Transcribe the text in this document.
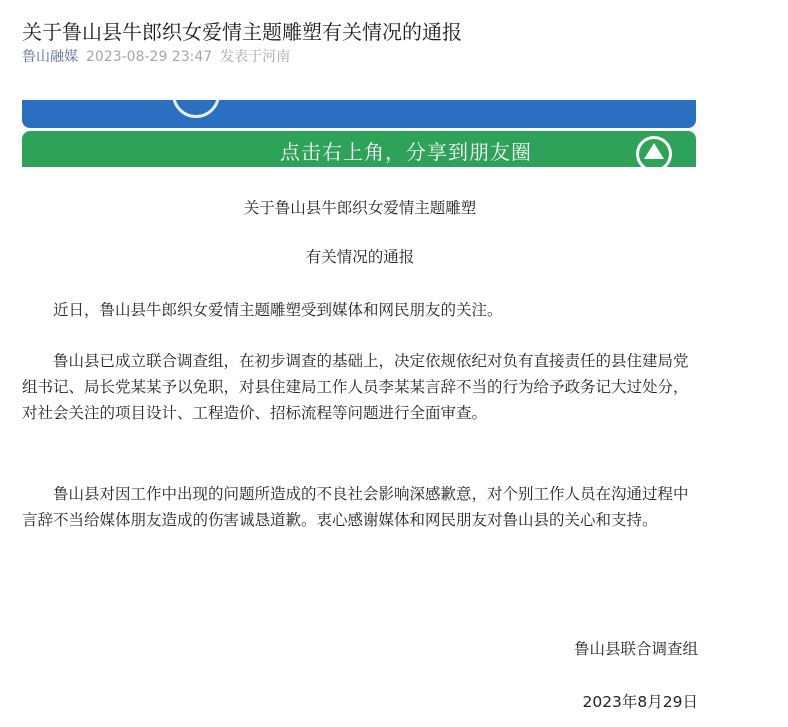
关于鲁山县牛郎织女爱情主题雕塑有关情况的通报
鲁山融媒 2023-08-29 23:47 发表于河南
点击右上角，分享到朋友圈
关于鲁山县牛郎织女爱情主题雕塑
有关情况的通报

近日，鲁山县牛郎织女爱情主题雕塑受到媒体和网民朋友的关注。

鲁山县已成立联合调查组，在初步调查的基础上，决定依规依纪对负有直接责任的县住建局党组书记、局长党某某予以免职，对县住建局工作人员李某某言辞不当的行为给予政务记大过处分，对社会关注的项目设计、工程造价、招标流程等问题进行全面审查。

鲁山县对因工作中出现的问题所造成的不良社会影响深感歉意，对个别工作人员在沟通过程中言辞不当给媒体朋友造成的伤害诚恳道歉。衷心感谢媒体和网民朋友对鲁山县的关心和支持。

鲁山县联合调查组
2023年8月29日
